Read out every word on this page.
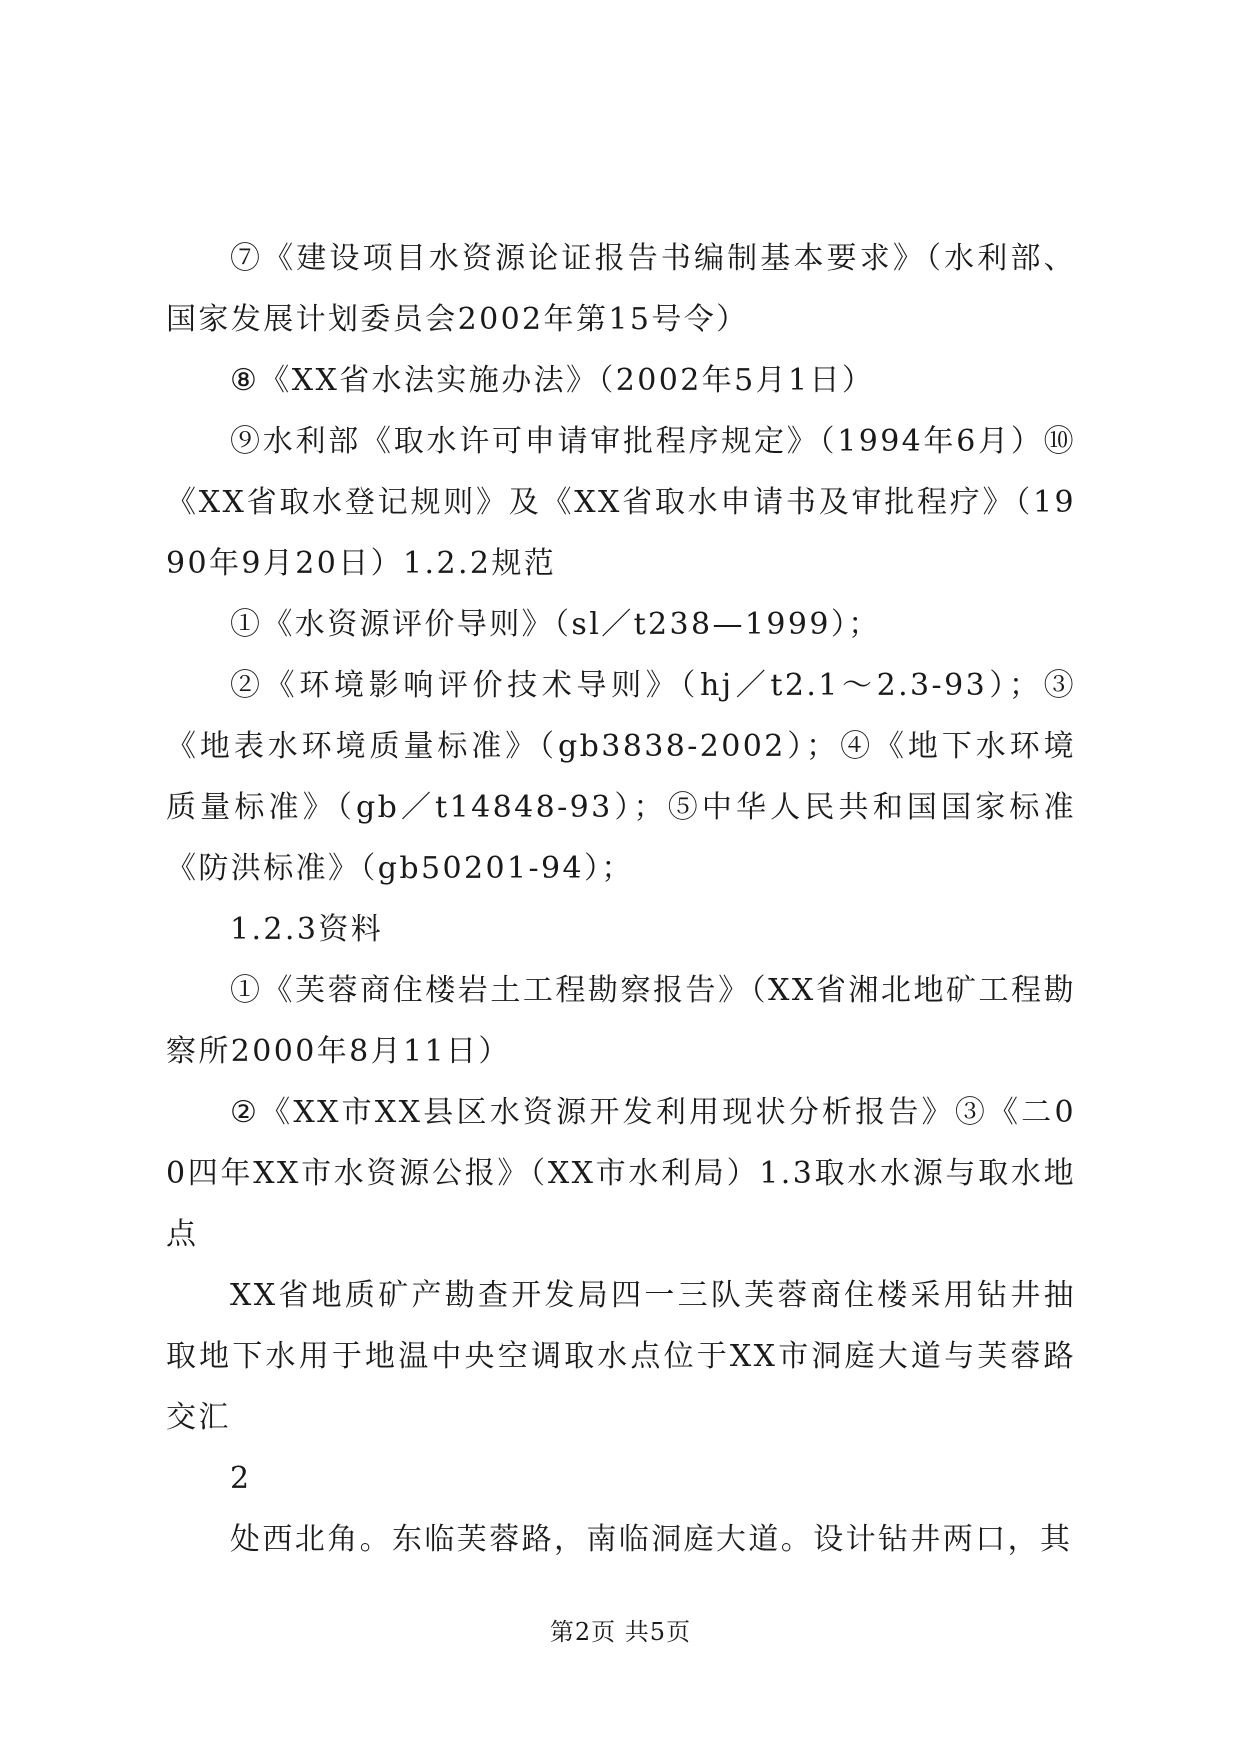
⑦《建设项目水资源论证报告书编制基本要求》（水利部、国家发展计划委员会2002年第15号令）

⑧《XX省水法实施办法》（2002年5月1日）

⑨水利部《取水许可申请审批程序规定》（1994年6月）⑩《XX省取水登记规则》及《XX省取水申请书及审批程疗》（1990年9月20日）1.2.2规范

①《水资源评价导则》（sl／t238—1999）；

②《环境影响评价技术导则》（hj／t2.1～2.3-93）；③《地表水环境质量标准》（gb3838-2002）；④《地下水环境质量标准》（gb／t14848-93）；⑤中华人民共和国国家标准《防洪标准》（gb50201-94）；

1.2.3资料

①《芙蓉商住楼岩土工程勘察报告》（XX省湘北地矿工程勘察所2000年8月11日）

②《XX市XX县区水资源开发利用现状分析报告》③《二00四年XX市水资源公报》（XX市水利局）1.3取水水源与取水地点

XX省地质矿产勘查开发局四一三队芙蓉商住楼采用钻井抽取地下水用于地温中央空调取水点位于XX市洞庭大道与芙蓉路交汇

2

处西北角。东临芙蓉路，南临洞庭大道。设计钻井两口，其

第2页 共5页
